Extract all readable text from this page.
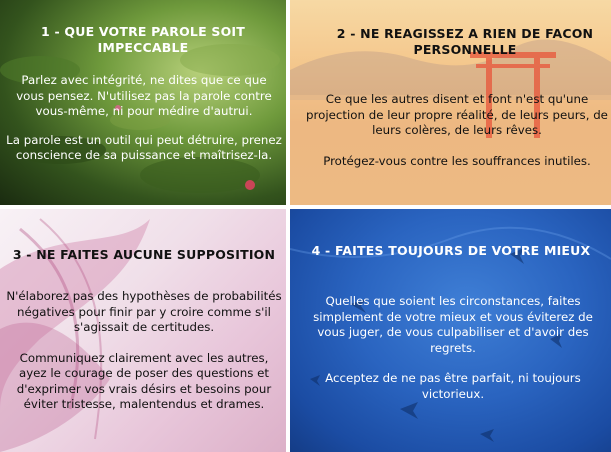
1 - QUE VOTRE PAROLE SOIT IMPECCABLE

Parlez avec intégrité, ne dites que ce que vous pensez. N'utilisez pas la parole contre vous-même, ni pour médire d'autrui.

La parole est un outil qui peut détruire, prenez conscience de sa puissance et maîtrisez-la.

2 - NE REAGISSEZ A RIEN DE FACON PERSONNELLE

Ce que les autres disent et font n'est qu'une projection de leur propre réalité, de leurs peurs, de leurs colères, de leurs rêves.

Protégez-vous contre les souffrances inutiles.

3 - NE FAITES AUCUNE SUPPOSITION

N'élaborez pas des hypothèses de probabilités négatives pour finir par y croire comme s'il s'agissait de certitudes.

Communiquez clairement avec les autres, ayez le courage de poser des questions et d'exprimer vos vrais désirs et besoins pour éviter tristesse, malentendus et drames.

4 - FAITES TOUJOURS DE VOTRE MIEUX

Quelles que soient les circonstances, faites simplement de votre mieux et vous éviterez de vous juger, de vous culpabiliser et d'avoir des regrets.

Acceptez de ne pas être parfait, ni toujours victorieux.
